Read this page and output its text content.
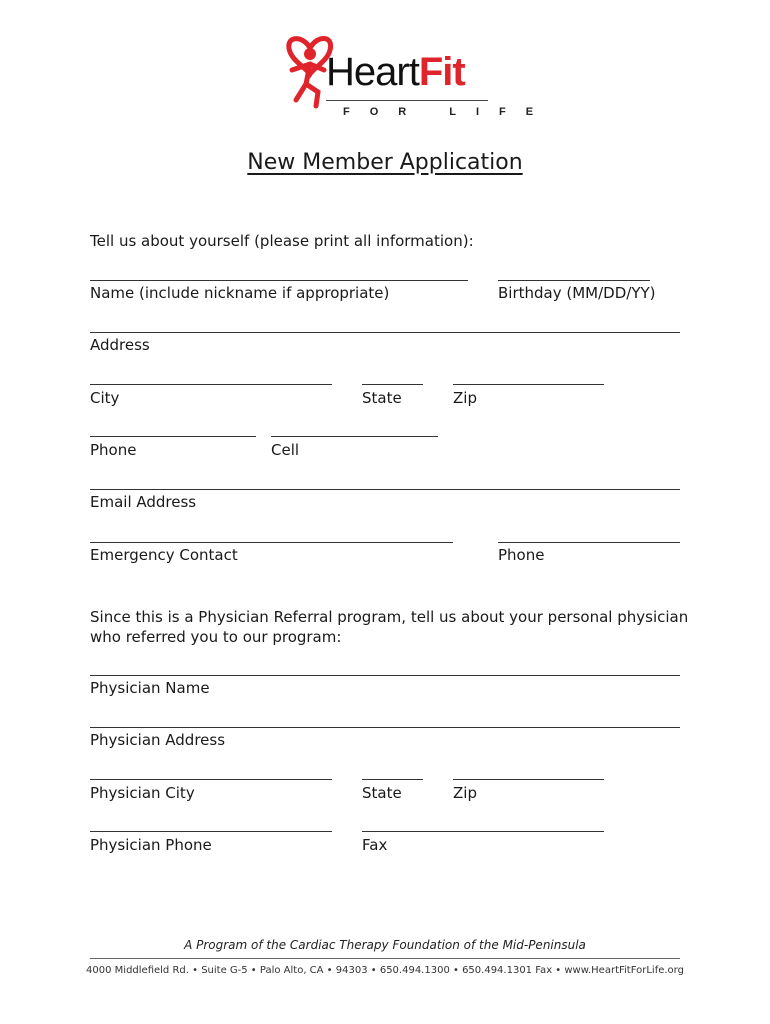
HeartFit
FOR LIFE
New Member Application
Tell us about yourself (please print all information):
Name (include nickname if appropriate)	Birthday (MM/DD/YY)
Address
City	State	Zip
Phone	Cell
Email Address
Emergency Contact	Phone
Since this is a Physician Referral program, tell us about your personal physician
who referred you to our program:
Physician Name
Physician Address
Physician City	State	Zip
Physician Phone	Fax
A Program of the Cardiac Therapy Foundation of the Mid-Peninsula
4000 Middlefield Rd. • Suite G-5 • Palo Alto, CA • 94303 • 650.494.1300 • 650.494.1301 Fax • www.HeartFitForLife.org
